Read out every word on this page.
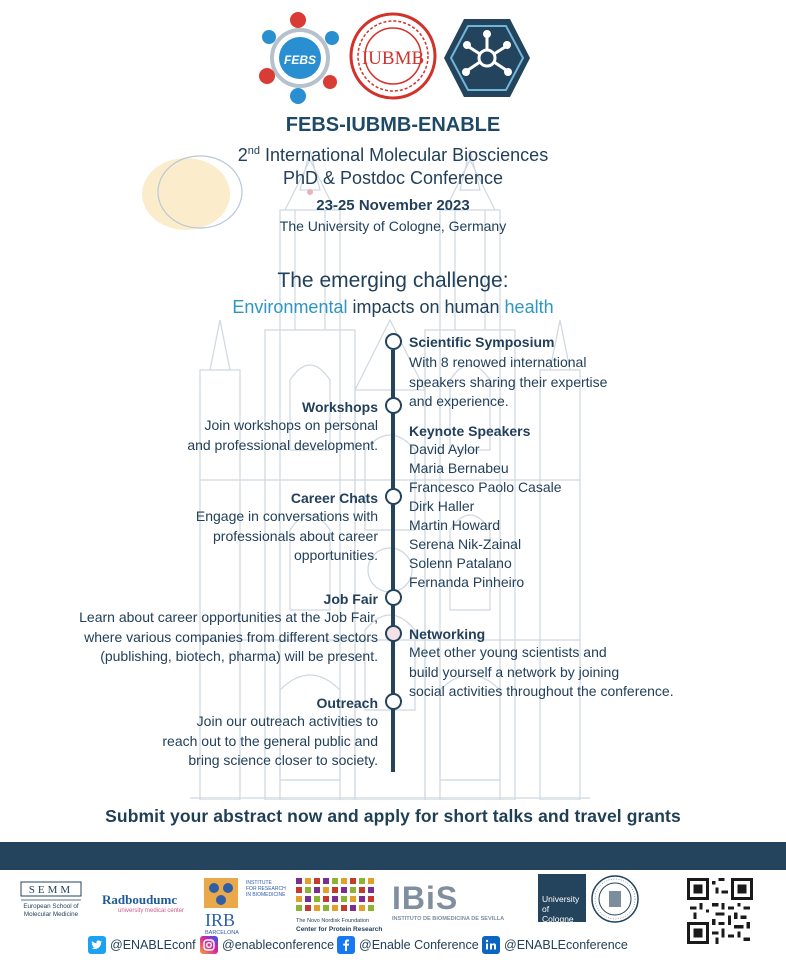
FEBS IUBMB
FEBS-IUBMB-ENABLE
2nd International Molecular Biosciences
PhD & Postdoc Conference
23-25 November 2023
The University of Cologne, Germany
The emerging challenge:
Environmental impacts on human health
Scientific Symposium
With 8 renowed international
speakers sharing their expertise
and experience.
Keynote Speakers
David Aylor
Maria Bernabeu
Francesco Paolo Casale
Dirk Haller
Martin Howard
Serena Nik-Zainal
Solenn Patalano
Fernanda Pinheiro
Networking
Meet other young scientists and
build yourself a network by joining
social activities throughout the conference.
Workshops
Join workshops on personal
and professional development.
Career Chats
Engage in conversations with
professionals about career
opportunities.
Job Fair
Learn about career opportunities at the Job Fair,
where various companies from different sectors
(publishing, biotech, pharma) will be present.
Outreach
Join our outreach activities to
reach out to the general public and
bring science closer to society.
Submit your abstract now and apply for short talks and travel grants
SEMM
European School of
Molecular Medicine
Radboudumc
university medical center
INSTITUTE
FOR RESEARCH
IN BIOMEDICINE
IRB
BARCELONA
The Novo Nordisk Foundation
Center for Protein Research
IBiS
INSTITUTO DE BIOMEDICINA DE SEVILLA
University
of Cologne
@ENABLEconf @enableconference @Enable Conference @ENABLEconference
